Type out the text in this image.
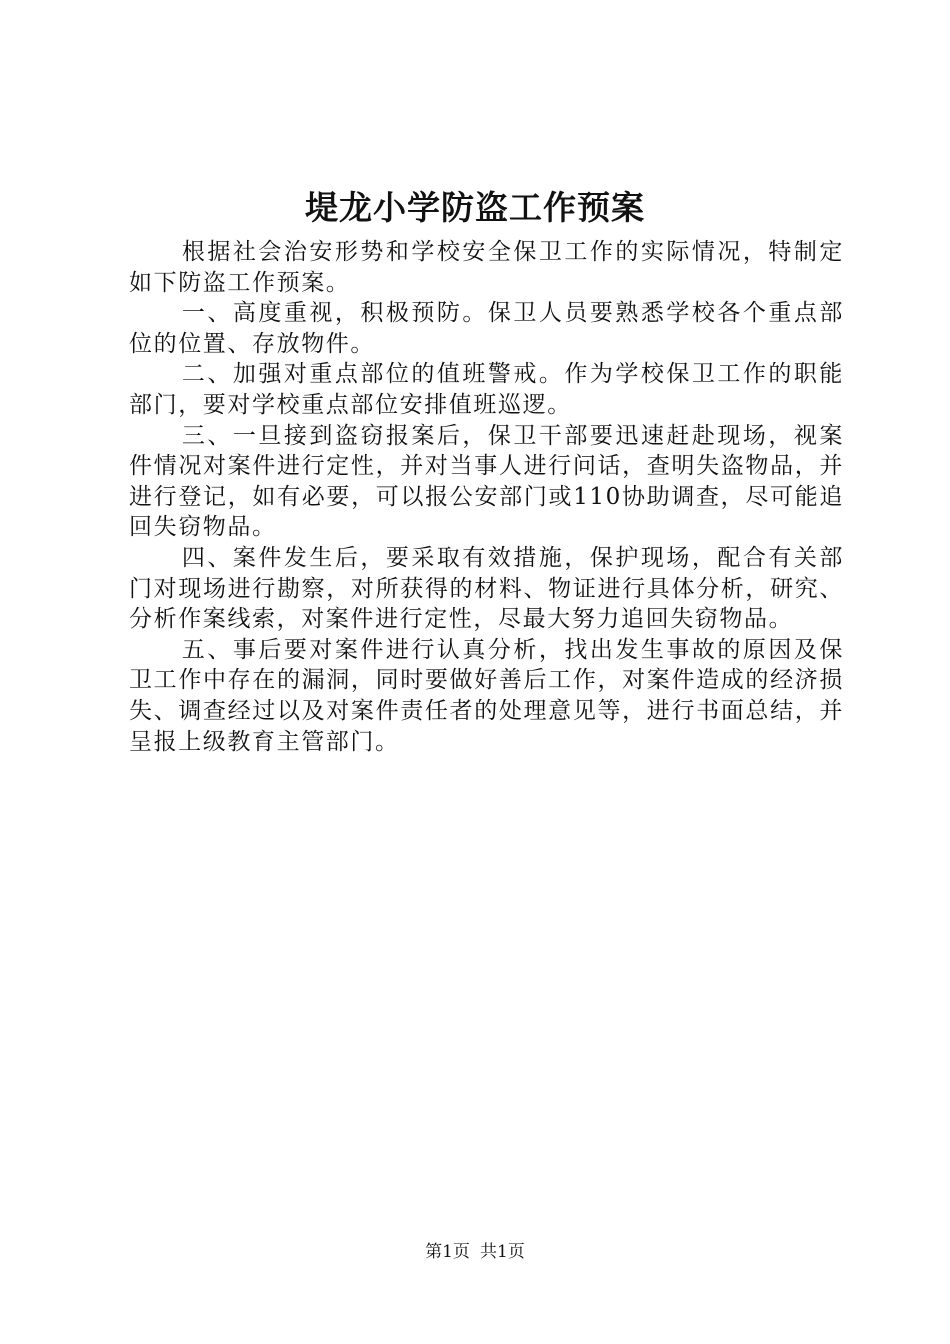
堤龙小学防盗工作预案

根据社会治安形势和学校安全保卫工作的实际情况，特制定如下防盗工作预案。

一、高度重视，积极预防。保卫人员要熟悉学校各个重点部位的位置、存放物件。

二、加强对重点部位的值班警戒。作为学校保卫工作的职能部门，要对学校重点部位安排值班巡逻。

三、一旦接到盗窃报案后，保卫干部要迅速赶赴现场，视案件情况对案件进行定性，并对当事人进行问话，查明失盗物品，并进行登记，如有必要，可以报公安部门或110协助调查，尽可能追回失窃物品。

四、案件发生后，要采取有效措施，保护现场，配合有关部门对现场进行勘察，对所获得的材料、物证进行具体分析，研究、分析作案线索，对案件进行定性，尽最大努力追回失窃物品。

五、事后要对案件进行认真分析，找出发生事故的原因及保卫工作中存在的漏洞，同时要做好善后工作，对案件造成的经济损失、调查经过以及对案件责任者的处理意见等，进行书面总结，并呈报上级教育主管部门。

第1页 共1页
